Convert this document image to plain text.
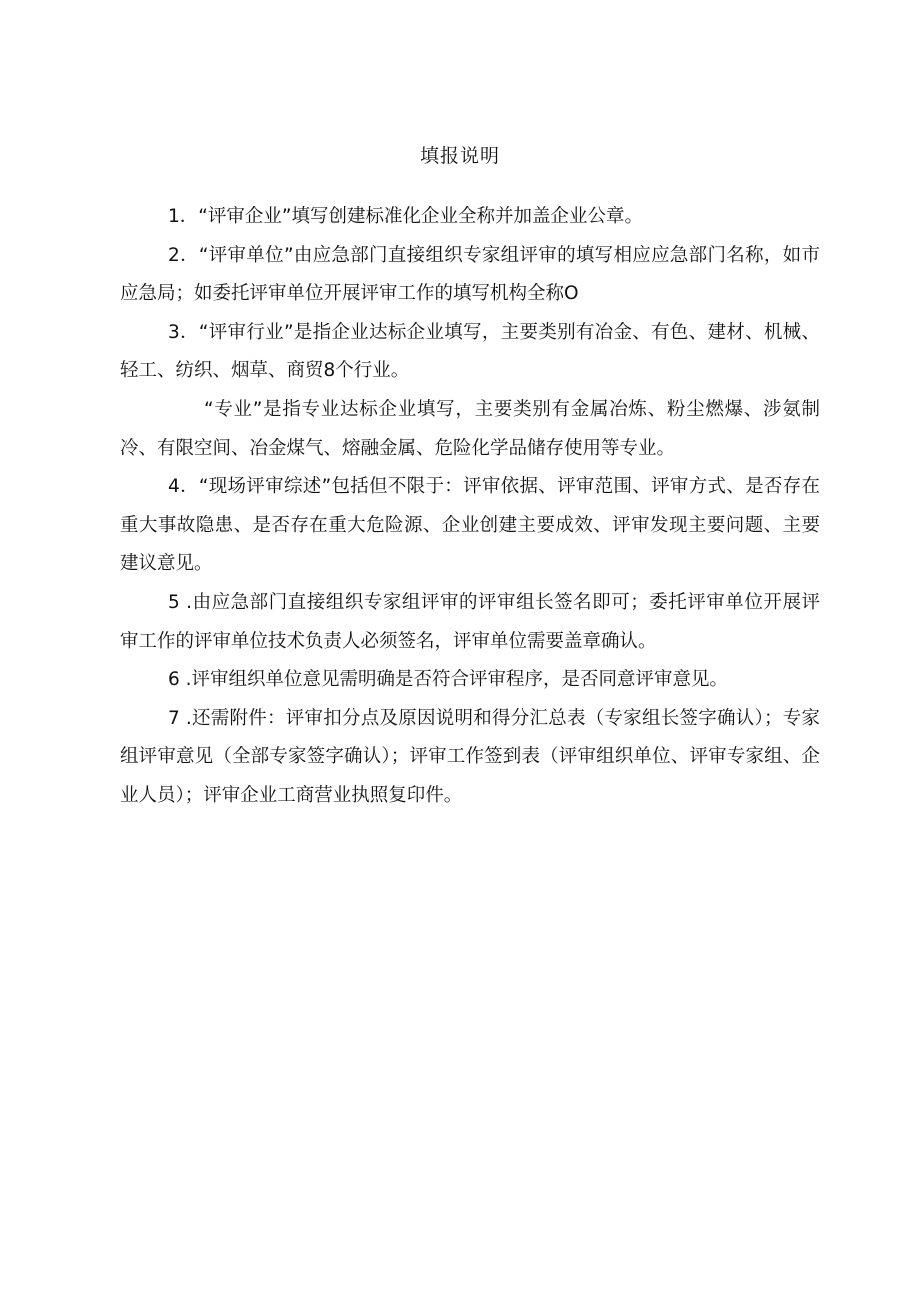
填报说明

1．“评审企业”填写创建标准化企业全称并加盖企业公章。

2．“评审单位”由应急部门直接组织专家组评审的填写相应应急部门名称，如市应急局；如委托评审单位开展评审工作的填写机构全称O

3．“评审行业”是指企业达标企业填写，主要类别有冶金、有色、建材、机械、轻工、纺织、烟草、商贸8个行业。

“专业”是指专业达标企业填写，主要类别有金属冶炼、粉尘燃爆、涉氨制冷、有限空间、冶金煤气、熔融金属、危险化学品储存使用等专业。

4．“现场评审综述”包括但不限于：评审依据、评审范围、评审方式、是否存在重大事故隐患、是否存在重大危险源、企业创建主要成效、评审发现主要问题、主要建议意见。

5 .由应急部门直接组织专家组评审的评审组长签名即可；委托评审单位开展评审工作的评审单位技术负责人必须签名，评审单位需要盖章确认。

6 .评审组织单位意见需明确是否符合评审程序，是否同意评审意见。

7 .还需附件：评审扣分点及原因说明和得分汇总表（专家组长签字确认）；专家组评审意见（全部专家签字确认）；评审工作签到表（评审组织单位、评审专家组、企业人员）；评审企业工商营业执照复印件。
